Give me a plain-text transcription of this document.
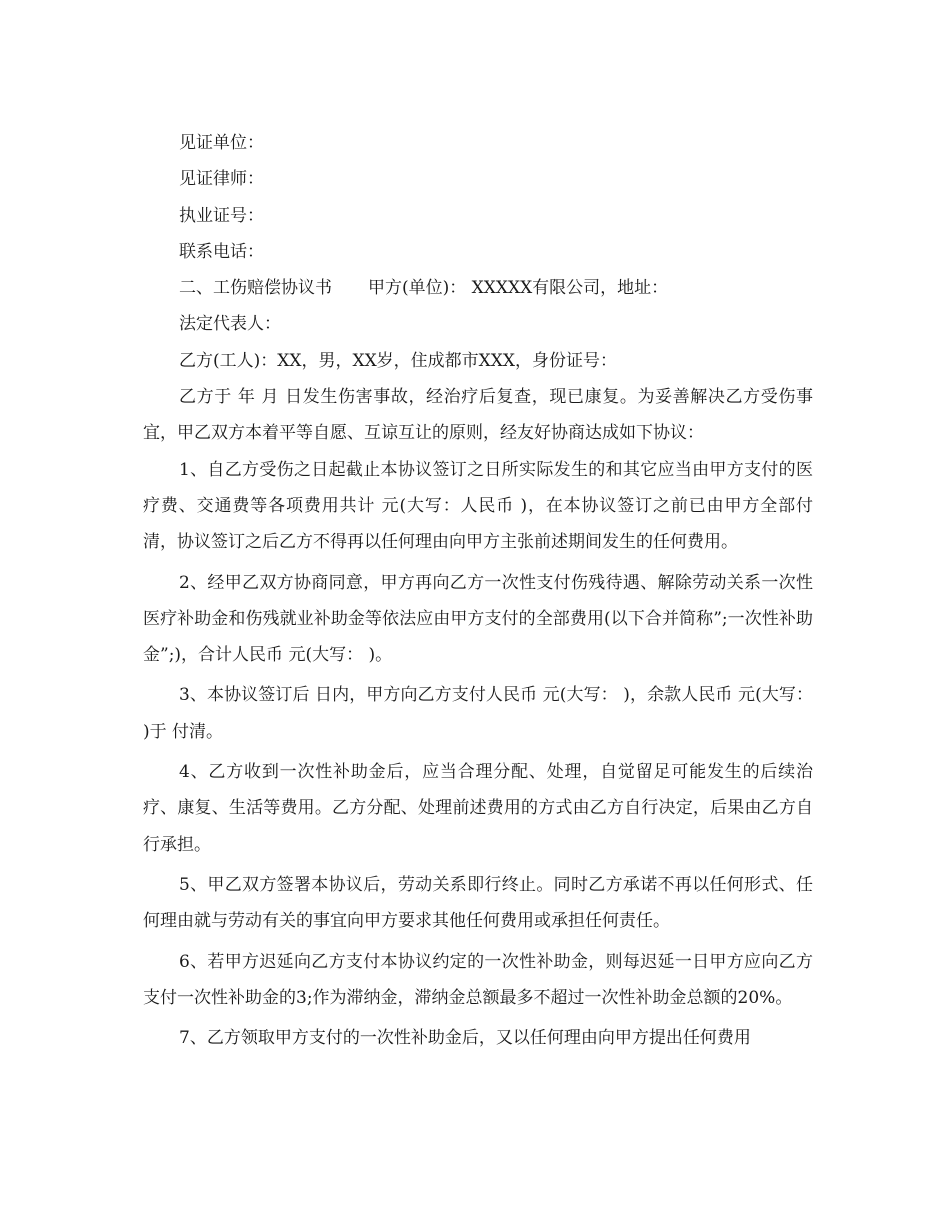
见证单位：

见证律师：

执业证号：

联系电话：

二、工伤赔偿协议书 甲方(单位)： XXXXX有限公司，地址：

法定代表人：

乙方(工人)：XX，男，XX岁，住成都市XXX，身份证号：

乙方于 年 月 日发生伤害事故，经治疗后复查，现已康复。为妥善解决乙方受伤事宜，甲乙双方本着平等自愿、互谅互让的原则，经友好协商达成如下协议：

1、自乙方受伤之日起截止本协议签订之日所实际发生的和其它应当由甲方支付的医疗费、交通费等各项费用共计 元(大写：人民币 )，在本协议签订之前已由甲方全部付清，协议签订之后乙方不得再以任何理由向甲方主张前述期间发生的任何费用。

2、经甲乙双方协商同意，甲方再向乙方一次性支付伤残待遇、解除劳动关系一次性医疗补助金和伤残就业补助金等依法应由甲方支付的全部费用(以下合并简称”;一次性补助金”;)，合计人民币 元(大写： )。

3、本协议签订后 日内，甲方向乙方支付人民币 元(大写： )，余款人民币 元(大写： )于 付清。

4、乙方收到一次性补助金后，应当合理分配、处理，自觉留足可能发生的后续治疗、康复、生活等费用。乙方分配、处理前述费用的方式由乙方自行决定，后果由乙方自行承担。

5、甲乙双方签署本协议后，劳动关系即行终止。同时乙方承诺不再以任何形式、任何理由就与劳动有关的事宜向甲方要求其他任何费用或承担任何责任。

6、若甲方迟延向乙方支付本协议约定的一次性补助金，则每迟延一日甲方应向乙方支付一次性补助金的3;作为滞纳金，滞纳金总额最多不超过一次性补助金总额的20%。

7、乙方领取甲方支付的一次性补助金后，又以任何理由向甲方提出任何费用
